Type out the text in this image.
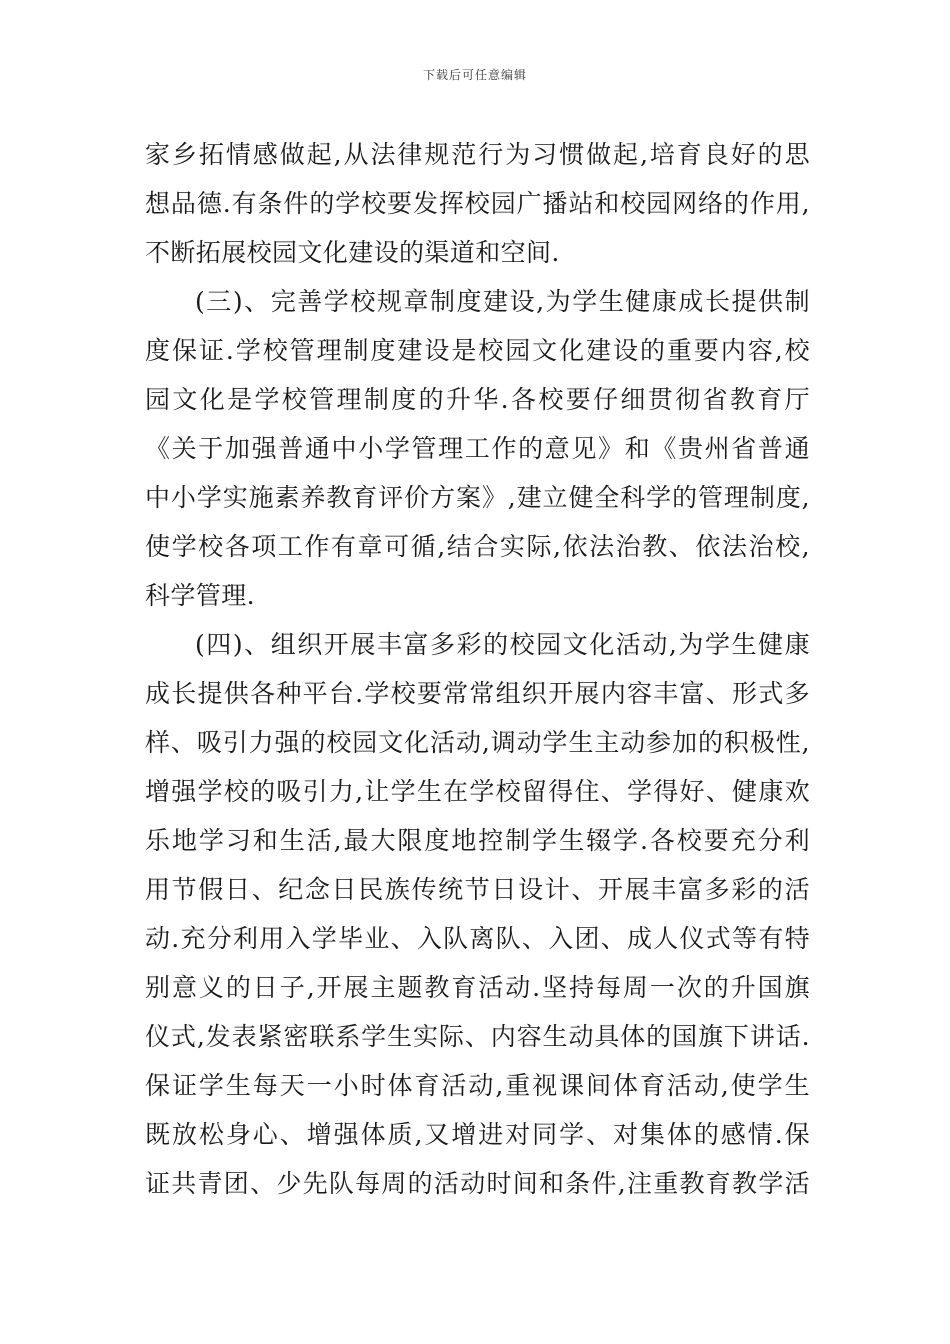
下载后可任意编辑
家乡拓情感做起,从法律规范行为习惯做起,培育良好的思
想品德.有条件的学校要发挥校园广播站和校园网络的作用,
不断拓展校园文化建设的渠道和空间.
(三)、完善学校规章制度建设,为学生健康成长提供制
度保证.学校管理制度建设是校园文化建设的重要内容,校
园文化是学校管理制度的升华.各校要仔细贯彻省教育厅
《关于加强普通中小学管理工作的意见》和《贵州省普通
中小学实施素养教育评价方案》,建立健全科学的管理制度,
使学校各项工作有章可循,结合实际,依法治教、依法治校,
科学管理.
(四)、组织开展丰富多彩的校园文化活动,为学生健康
成长提供各种平台.学校要常常组织开展内容丰富、形式多
样、吸引力强的校园文化活动,调动学生主动参加的积极性,
增强学校的吸引力,让学生在学校留得住、学得好、健康欢
乐地学习和生活,最大限度地控制学生辍学.各校要充分利
用节假日、纪念日民族传统节日设计、开展丰富多彩的活
动.充分利用入学毕业、入队离队、入团、成人仪式等有特
别意义的日子,开展主题教育活动.坚持每周一次的升国旗
仪式,发表紧密联系学生实际、内容生动具体的国旗下讲话.
保证学生每天一小时体育活动,重视课间体育活动,使学生
既放松身心、增强体质,又增进对同学、对集体的感情.保
证共青团、少先队每周的活动时间和条件,注重教育教学活
